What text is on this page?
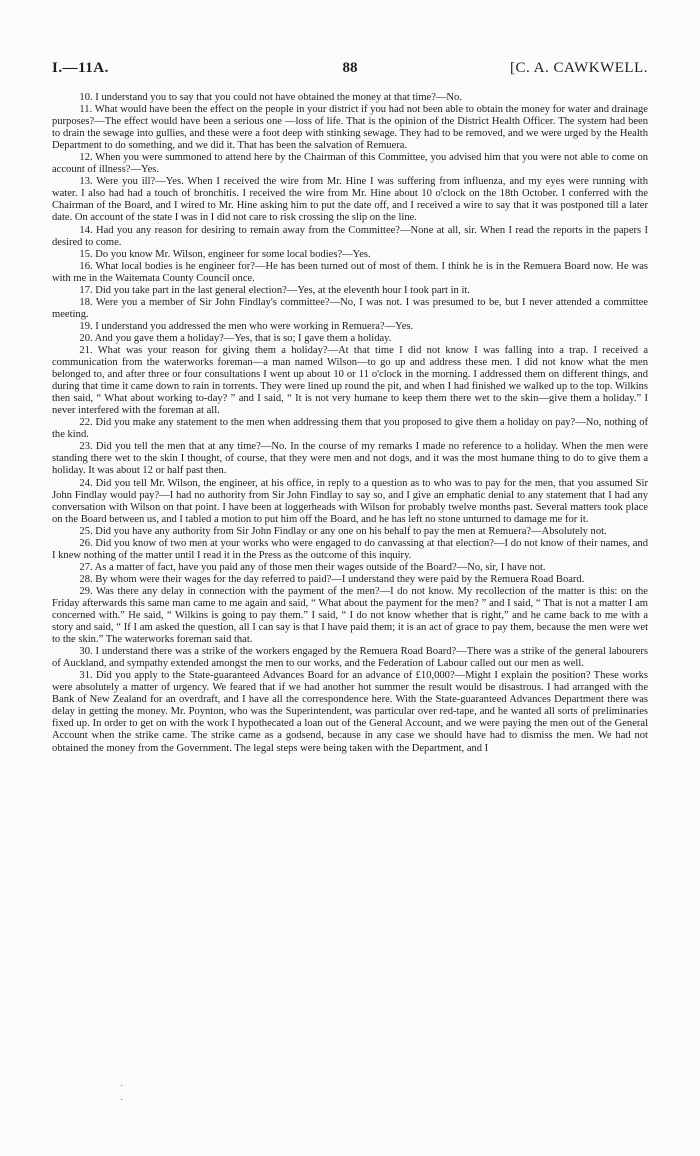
I.—11A.	88	[C. A. CAWKWELL.

10. I understand you to say that you could not have obtained the money at that time?—No.

11. What would have been the effect on the people in your district if you had not been able to obtain the money for water and drainage purposes?—The effect would have been a serious one —loss of life. That is the opinion of the District Health Officer. The system had been to drain the sewage into gullies, and these were a foot deep with stinking sewage. They had to be removed, and we were urged by the Health Department to do something, and we did it. That has been the salvation of Remuera.

12. When you were summoned to attend here by the Chairman of this Committee, you advised him that you were not able to come on account of illness?—Yes.

13. Were you ill?—Yes. When I received the wire from Mr. Hine I was suffering from influenza, and my eyes were running with water. I also had had a touch of bronchitis. I received the wire from Mr. Hine about 10 o'clock on the 18th October. I conferred with the Chairman of the Board, and I wired to Mr. Hine asking him to put the date off, and I received a wire to say that it was postponed till a later date. On account of the state I was in I did not care to risk crossing the slip on the line.

14. Had you any reason for desiring to remain away from the Committee?—None at all, sir. When I read the reports in the papers I desired to come.

15. Do you know Mr. Wilson, engineer for some local bodies?—Yes.

16. What local bodies is he engineer for?—He has been turned out of most of them. I think he is in the Remuera Board now. He was with me in the Waitemata County Council once.

17. Did you take part in the last general election?—Yes, at the eleventh hour I took part in it.

18. Were you a member of Sir John Findlay's committee?—No, I was not. I was presumed to be, but I never attended a committee meeting.

19. I understand you addressed the men who were working in Remuera?—Yes.

20. And you gave them a holiday?—Yes, that is so; I gave them a holiday.

21. What was your reason for giving them a holiday?—At that time I did not know I was falling into a trap. I received a communication from the waterworks foreman—a man named Wilson—to go up and address these men. I did not know what the men belonged to, and after three or four consultations I went up about 10 or 11 o'clock in the morning. I addressed them on different things, and during that time it came down to rain in torrents. They were lined up round the pit, and when I had finished we walked up to the top. Wilkins then said, “ What about working to-day? ” and I said, “ It is not very humane to keep them there wet to the skin—give them a holiday.” I never interfered with the foreman at all.

22. Did you make any statement to the men when addressing them that you proposed to give them a holiday on pay?—No, nothing of the kind.

23. Did you tell the men that at any time?—No. In the course of my remarks I made no reference to a holiday. When the men were standing there wet to the skin I thought, of course, that they were men and not dogs, and it was the most humane thing to do to give them a holiday. It was about 12 or half past then.

24. Did you tell Mr. Wilson, the engineer, at his office, in reply to a question as to who was to pay for the men, that you assumed Sir John Findlay would pay?—I had no authority from Sir John Findlay to say so, and I give an emphatic denial to any statement that I had any conversation with Wilson on that point. I have been at loggerheads with Wilson for probably twelve months past. Several matters took place on the Board between us, and I tabled a motion to put him off the Board, and he has left no stone unturned to damage me for it.

25. Did you have any authority from Sir John Findlay or any one on his behalf to pay the men at Remuera?—Absolutely not.

26. Did you know of two men at your works who were engaged to do canvassing at that election?—I do not know of their names, and I knew nothing of the matter until I read it in the Press as the outcome of this inquiry.

27. As a matter of fact, have you paid any of those men their wages outside of the Board?—No, sir, I have not.

28. By whom were their wages for the day referred to paid?—I understand they were paid by the Remuera Road Board.

29. Was there any delay in connection with the payment of the men?—I do not know. My recollection of the matter is this: on the Friday afterwards this same man came to me again and said, “ What about the payment for the men? ” and I said, “ That is not a matter I am concerned with.” He said, “ Wilkins is going to pay them.” I said, “ I do not know whether that is right,” and he came back to me with a story and said, “ If I am asked the question, all I can say is that I have paid them; it is an act of grace to pay them, because the men were wet to the skin.” The waterworks foreman said that.

30. I understand there was a strike of the workers engaged by the Remuera Road Board?—There was a strike of the general labourers of Auckland, and sympathy extended amongst the men to our works, and the Federation of Labour called out our men as well.

31. Did you apply to the State-guaranteed Advances Board for an advance of £10,000?—Might I explain the position? These works were absolutely a matter of urgency. We feared that if we had another hot summer the result would be disastrous. I had arranged with the Bank of New Zealand for an overdraft, and I have all the correspondence here. With the State-guaranteed Advances Department there was delay in getting the money. Mr. Poynton, who was the Superintendent, was particular over red-tape, and he wanted all sorts of preliminaries fixed up. In order to get on with the work I hypothecated a loan out of the General Account, and we were paying the men out of the General Account when the strike came. The strike came as a godsend, because in any case we should have had to dismiss the men. We had not obtained the money from the Government. The legal steps were being taken with the Department, and I

·
·
